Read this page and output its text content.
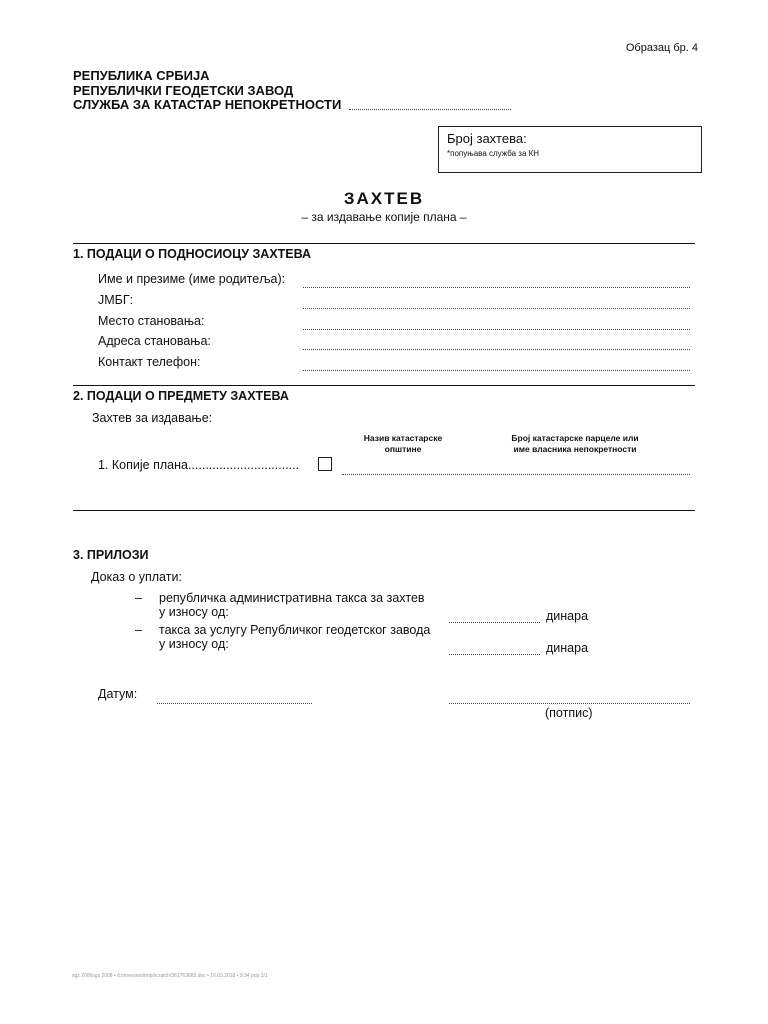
Образац бр. 4
РЕПУБЛИКА СРБИЈА
РЕПУБЛИЧКИ ГЕОДЕТСКИ ЗАВОД
СЛУЖБА ЗА КАТАСТАР НЕПОКРЕТНОСТИ
Број захтева:
*попуњава служба за КН
ЗАХТЕВ
– за издавање копије плана –
1. ПОДАЦИ О ПОДНОСИОЦУ ЗАХТЕВА
Име и презиме (име родитеља):
ЈМБГ:
Место становања:
Адреса становања:
Контакт телефон:
2. ПОДАЦИ О ПРЕДМЕТУ ЗАХТЕВА
Захтев за издавање:
Назив катастарске
општине
Број катастарске парцеле или
име власника непокретности
1. Копије плана................................
3. ПРИЛОЗИ
Доказ о уплати:
– републичка административна такса за захтев
у износу од:	динара
– такса за услугу Републичког геодетског завода
у износу од:	динара
Датум:
(потпис)
sgz 2006sgz 2008 • /conversion/tmp/scratch/361763683.doc • 16.03.2018 • 9:34 pop.1/1
